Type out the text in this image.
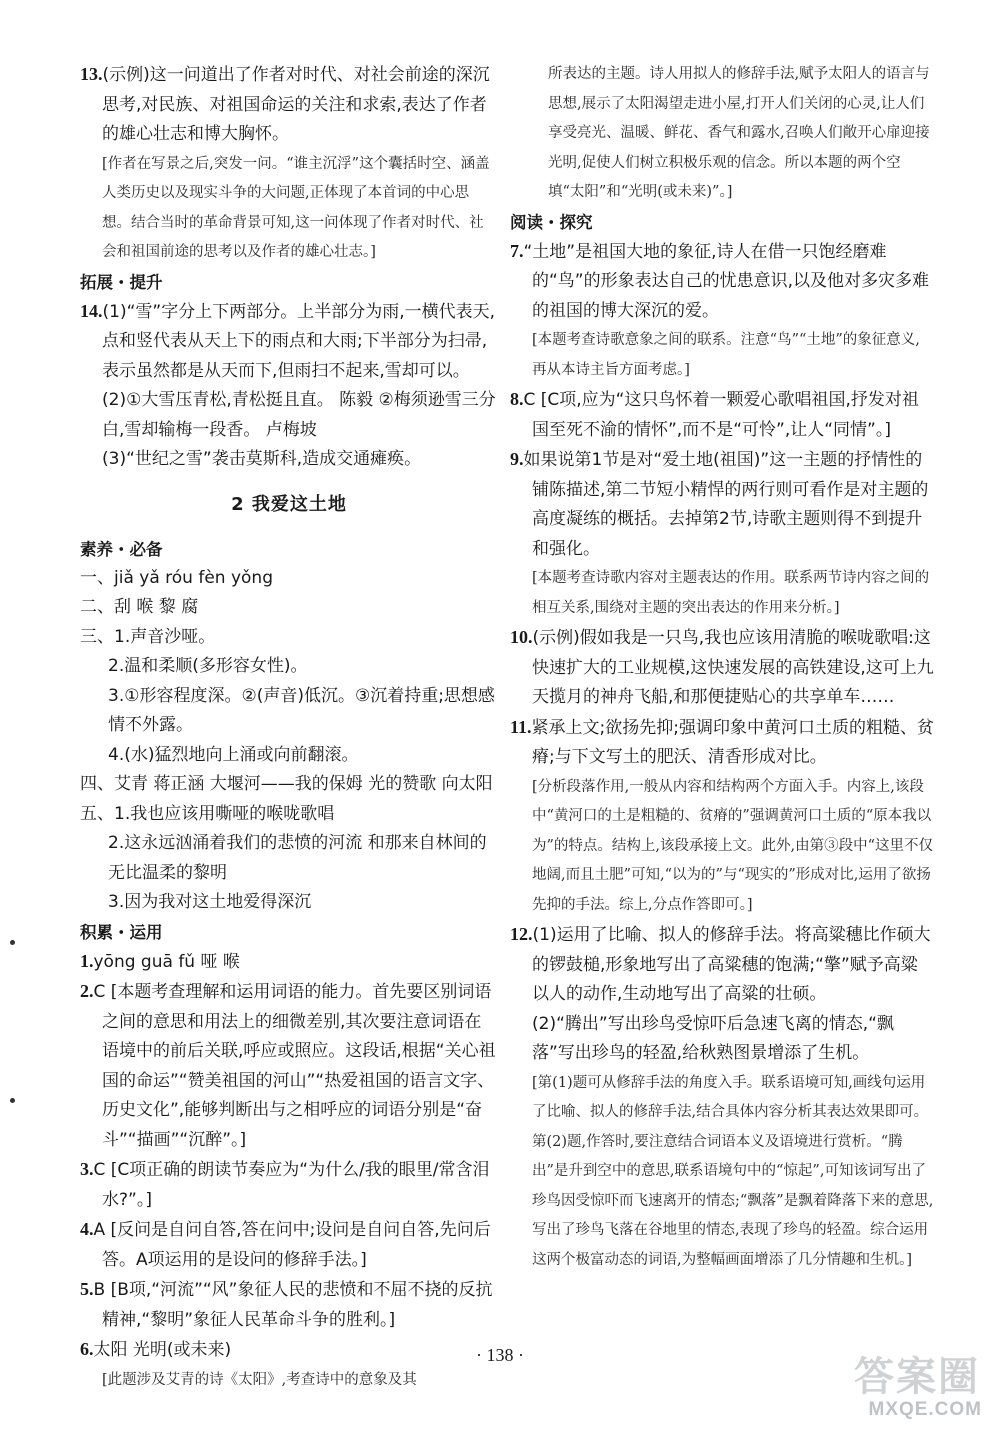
13.(示例)这一问道出了作者对时代、对社会前途的深沉思考,对民族、对祖国命运的关注和求索,表达了作者的雄心壮志和博大胸怀。
[作者在写景之后,突发一问。“谁主沉浮”这个囊括时空、涵盖人类历史以及现实斗争的大问题,正体现了本首词的中心思想。结合当时的革命背景可知,这一问体现了作者对时代、社会和祖国前途的思考以及作者的雄心壮志。]
拓展・提升
14.(1)“雪”字分上下两部分。上半部分为雨,一横代表天,点和竖代表从天上下的雨点和大雨;下半部分为扫帚,表示虽然都是从天而下,但雨扫不起来,雪却可以。
(2)①大雪压青松,青松挺且直。 陈毅 ②梅须逊雪三分白,雪却输梅一段香。 卢梅坡
(3)“世纪之雪”袭击莫斯科,造成交通瘫痪。
2 我爱这土地
素养・必备
一、jiǎ yǎ róu fèn yǒng
二、刮 喉 黎 腐
三、1.声音沙哑。
2.温和柔顺(多形容女性)。
3.①形容程度深。②(声音)低沉。③沉着持重;思想感情不外露。
4.(水)猛烈地向上涌或向前翻滚。
四、艾青 蒋正涵 大堰河——我的保姆 光的赞歌 向太阳
五、1.我也应该用嘶哑的喉咙歌唱
2.这永远汹涌着我们的悲愤的河流 和那来自林间的无比温柔的黎明
3.因为我对这土地爱得深沉
积累・运用
1.yōng guā fǔ 哑 喉
2.C [本题考查理解和运用词语的能力。首先要区别词语之间的意思和用法上的细微差别,其次要注意词语在语境中的前后关联,呼应或照应。这段话,根据“关心祖国的命运”“赞美祖国的河山”“热爱祖国的语言文字、历史文化”,能够判断出与之相呼应的词语分别是“奋斗”“描画”“沉醉”。]
3.C [C项正确的朗读节奏应为“为什么/我的眼里/常含泪水?”。]
4.A [反问是自问自答,答在问中;设问是自问自答,先问后答。A项运用的是设问的修辞手法。]
5.B [B项,“河流”“风”象征人民的悲愤和不屈不挠的反抗精神,“黎明”象征人民革命斗争的胜利。]
6.太阳 光明(或未来)
[此题涉及艾青的诗《太阳》,考查诗中的意象及其
所表达的主题。诗人用拟人的修辞手法,赋予太阳人的语言与思想,展示了太阳渴望走进小屋,打开人们关闭的心灵,让人们享受亮光、温暖、鲜花、香气和露水,召唤人们敞开心扉迎接光明,促使人们树立积极乐观的信念。所以本题的两个空填“太阳”和“光明(或未来)”。]
阅读・探究
7.“土地”是祖国大地的象征,诗人在借一只饱经磨难的“鸟”的形象表达自己的忧患意识,以及他对多灾多难的祖国的博大深沉的爱。
[本题考查诗歌意象之间的联系。注意“鸟”“土地”的象征意义,再从本诗主旨方面考虑。]
8.C [C项,应为“这只鸟怀着一颗爱心歌唱祖国,抒发对祖国至死不渝的情怀”,而不是“可怜”,让人“同情”。]
9.如果说第1节是对“爱土地(祖国)”这一主题的抒情性的铺陈描述,第二节短小精悍的两行则可看作是对主题的高度凝练的概括。去掉第2节,诗歌主题则得不到提升和强化。
[本题考查诗歌内容对主题表达的作用。联系两节诗内容之间的相互关系,围绕对主题的突出表达的作用来分析。]
10.(示例)假如我是一只鸟,我也应该用清脆的喉咙歌唱:这快速扩大的工业规模,这快速发展的高铁建设,这可上九天揽月的神舟飞船,和那便捷贴心的共享单车……
11.紧承上文;欲扬先抑;强调印象中黄河口土质的粗糙、贫瘠;与下文写土的肥沃、清香形成对比。
[分析段落作用,一般从内容和结构两个方面入手。内容上,该段中“黄河口的土是粗糙的、贫瘠的”强调黄河口土质的“原本我以为”的特点。结构上,该段承接上文。此外,由第③段中“这里不仅地阔,而且土肥”可知,“以为的”与“现实的”形成对比,运用了欲扬先抑的手法。综上,分点作答即可。]
12.(1)运用了比喻、拟人的修辞手法。将高粱穗比作硕大的锣鼓槌,形象地写出了高粱穗的饱满;“擎”赋予高粱以人的动作,生动地写出了高粱的壮硕。
(2)“腾出”写出珍鸟受惊吓后急速飞离的情态,“飘落”写出珍鸟的轻盈,给秋熟图景增添了生机。
[第(1)题可从修辞手法的角度入手。联系语境可知,画线句运用了比喻、拟人的修辞手法,结合具体内容分析其表达效果即可。第(2)题,作答时,要注意结合词语本义及语境进行赏析。“腾出”是升到空中的意思,联系语境句中的“惊起”,可知该词写出了珍鸟因受惊吓而飞速离开的情态;“飘落”是飘着降落下来的意思,写出了珍鸟飞落在谷地里的情态,表现了珍鸟的轻盈。综合运用这两个极富动态的词语,为整幅画面增添了几分情趣和生机。]
· 138 ·	答案圈
MXQE.COM
